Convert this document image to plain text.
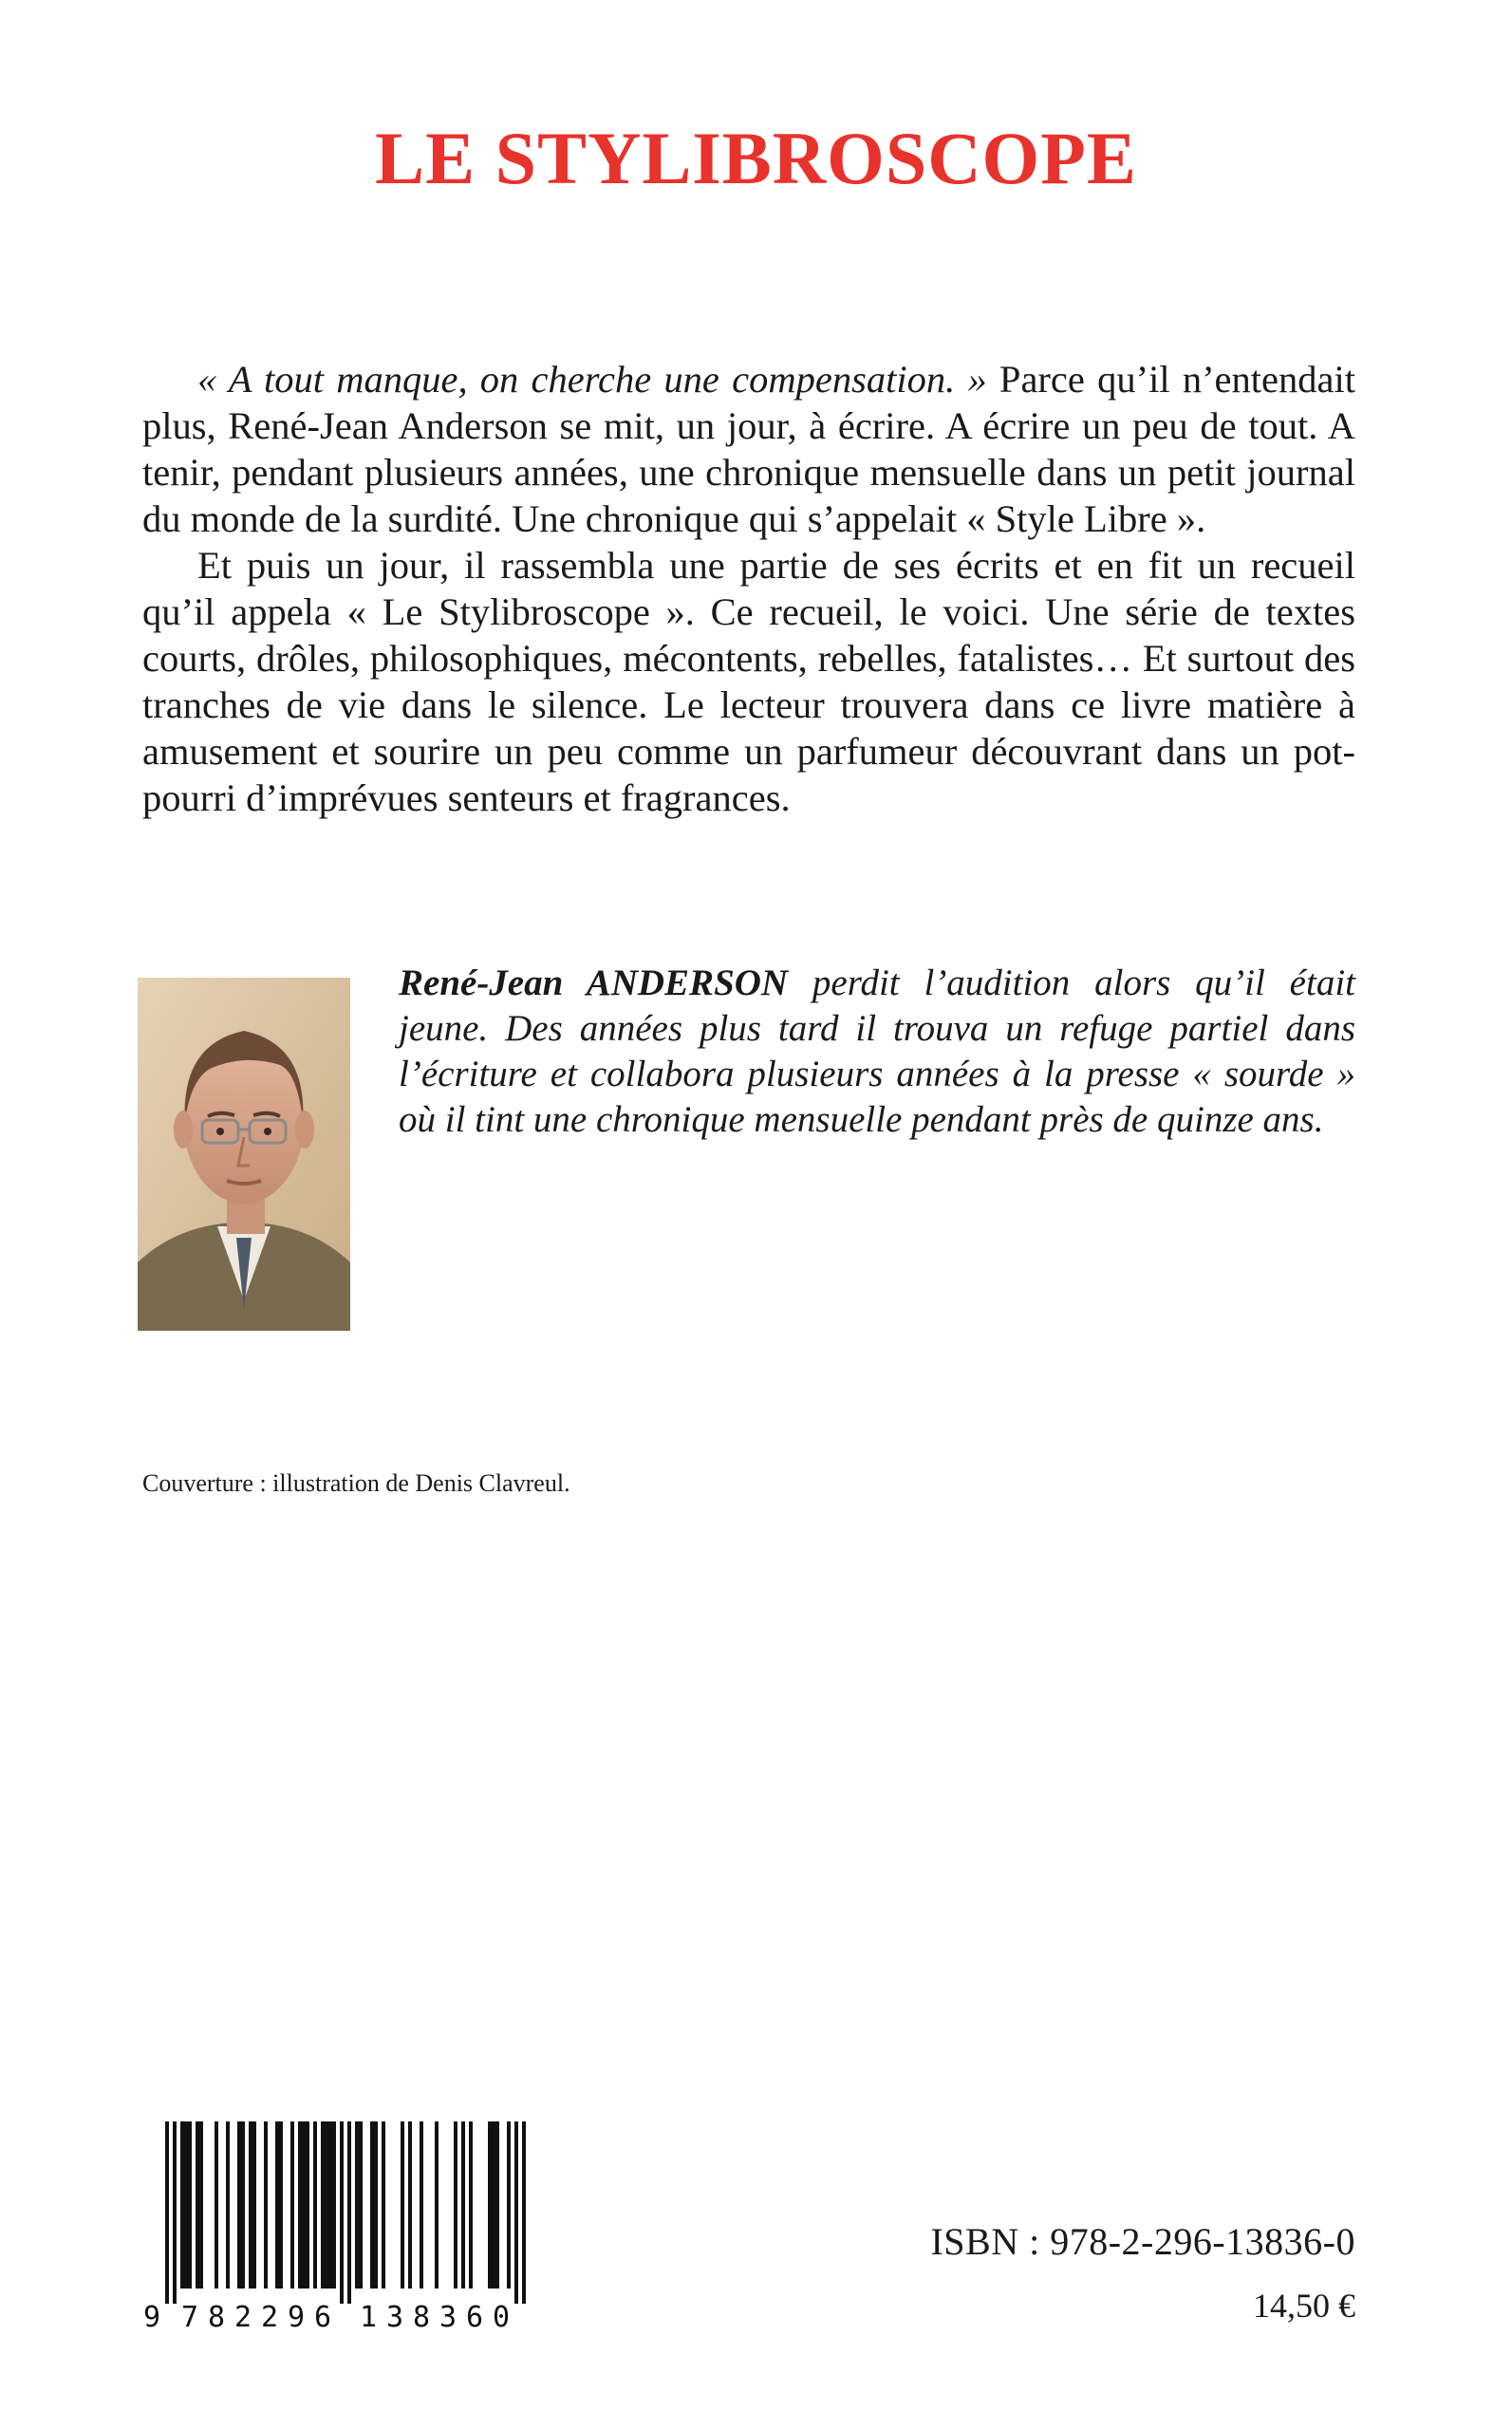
LE STYLIBROSCOPE

« A tout manque, on cherche une compensation. » Parce qu’il n’entendait plus, René-Jean Anderson se mit, un jour, à écrire. A écrire un peu de tout. A tenir, pendant plusieurs années, une chronique mensuelle dans un petit journal du monde de la surdité. Une chronique qui s’appelait « Style Libre ».

Et puis un jour, il rassembla une partie de ses écrits et en fit un recueil qu’il appela « Le Stylibroscope ». Ce recueil, le voici. Une série de textes courts, drôles, philosophiques, mécontents, rebelles, fatalistes… Et surtout des tranches de vie dans le silence. Le lecteur trouvera dans ce livre matière à amusement et sourire un peu comme un parfumeur découvrant dans un pot-pourri d’imprévues senteurs et fragrances.

René-Jean ANDERSON perdit l’audition alors qu’il était jeune. Des années plus tard il trouva un refuge partiel dans l’écriture et collabora plusieurs années à la presse « sourde » où il tint une chronique mensuelle pendant près de quinze ans.

Couverture : illustration de Denis Clavreul.

9 7 8 2 2 9 6 1 3 8 3 6 0

ISBN : 978-2-296-13836-0

14,50 €
